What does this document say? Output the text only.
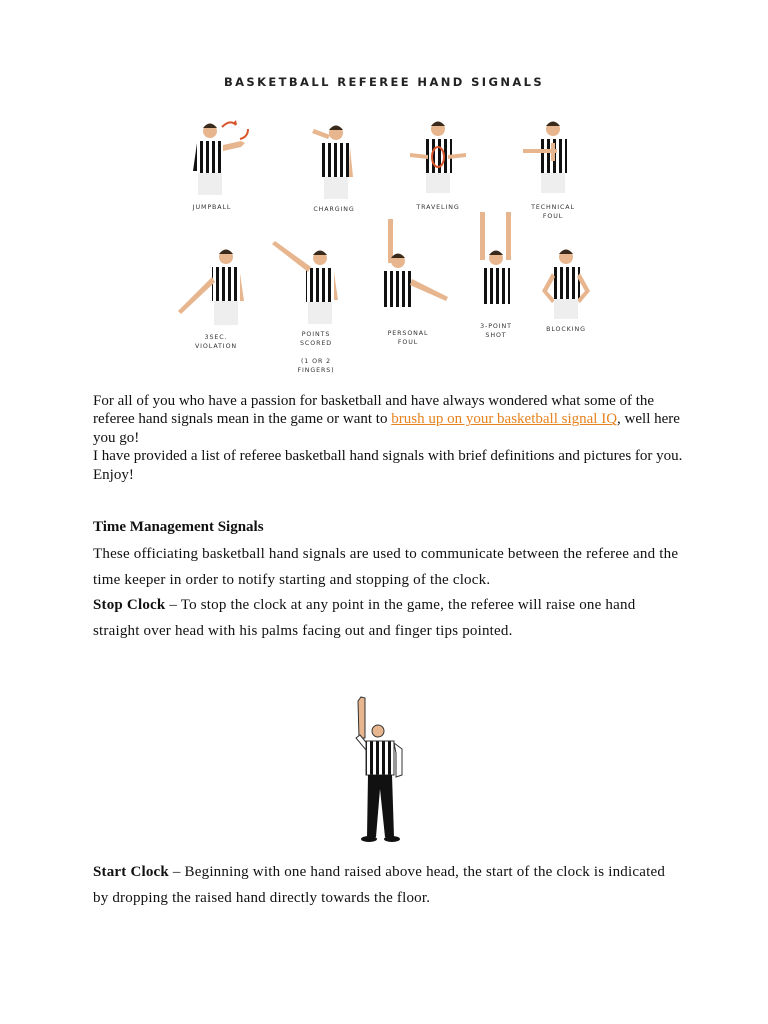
BASKETBALL REFEREE HAND SIGNALS
JUMPBALL	CHARGING	TRAVELING	TECHNICAL
FOUL
3SEC.
VIOLATION
POINTS
SCORED

(1 OR 2
FINGERS)
PERSONAL
FOUL
3-POINT
SHOT
BLOCKING

For all of you who have a passion for basketball and have always wondered what some of the referee hand signals mean in the game or want to brush up on your basketball signal IQ, well here you go!

I have provided a list of referee basketball hand signals with brief definitions and pictures for you. Enjoy!

Time Management Signals

These officiating basketball hand signals are used to communicate between the referee and the time keeper in order to notify starting and stopping of the clock.

Stop Clock – To stop the clock at any point in the game, the referee will raise one hand straight over head with his palms facing out and finger tips pointed.

Start Clock – Beginning with one hand raised above head, the start of the clock is indicated by dropping the raised hand directly towards the floor.
